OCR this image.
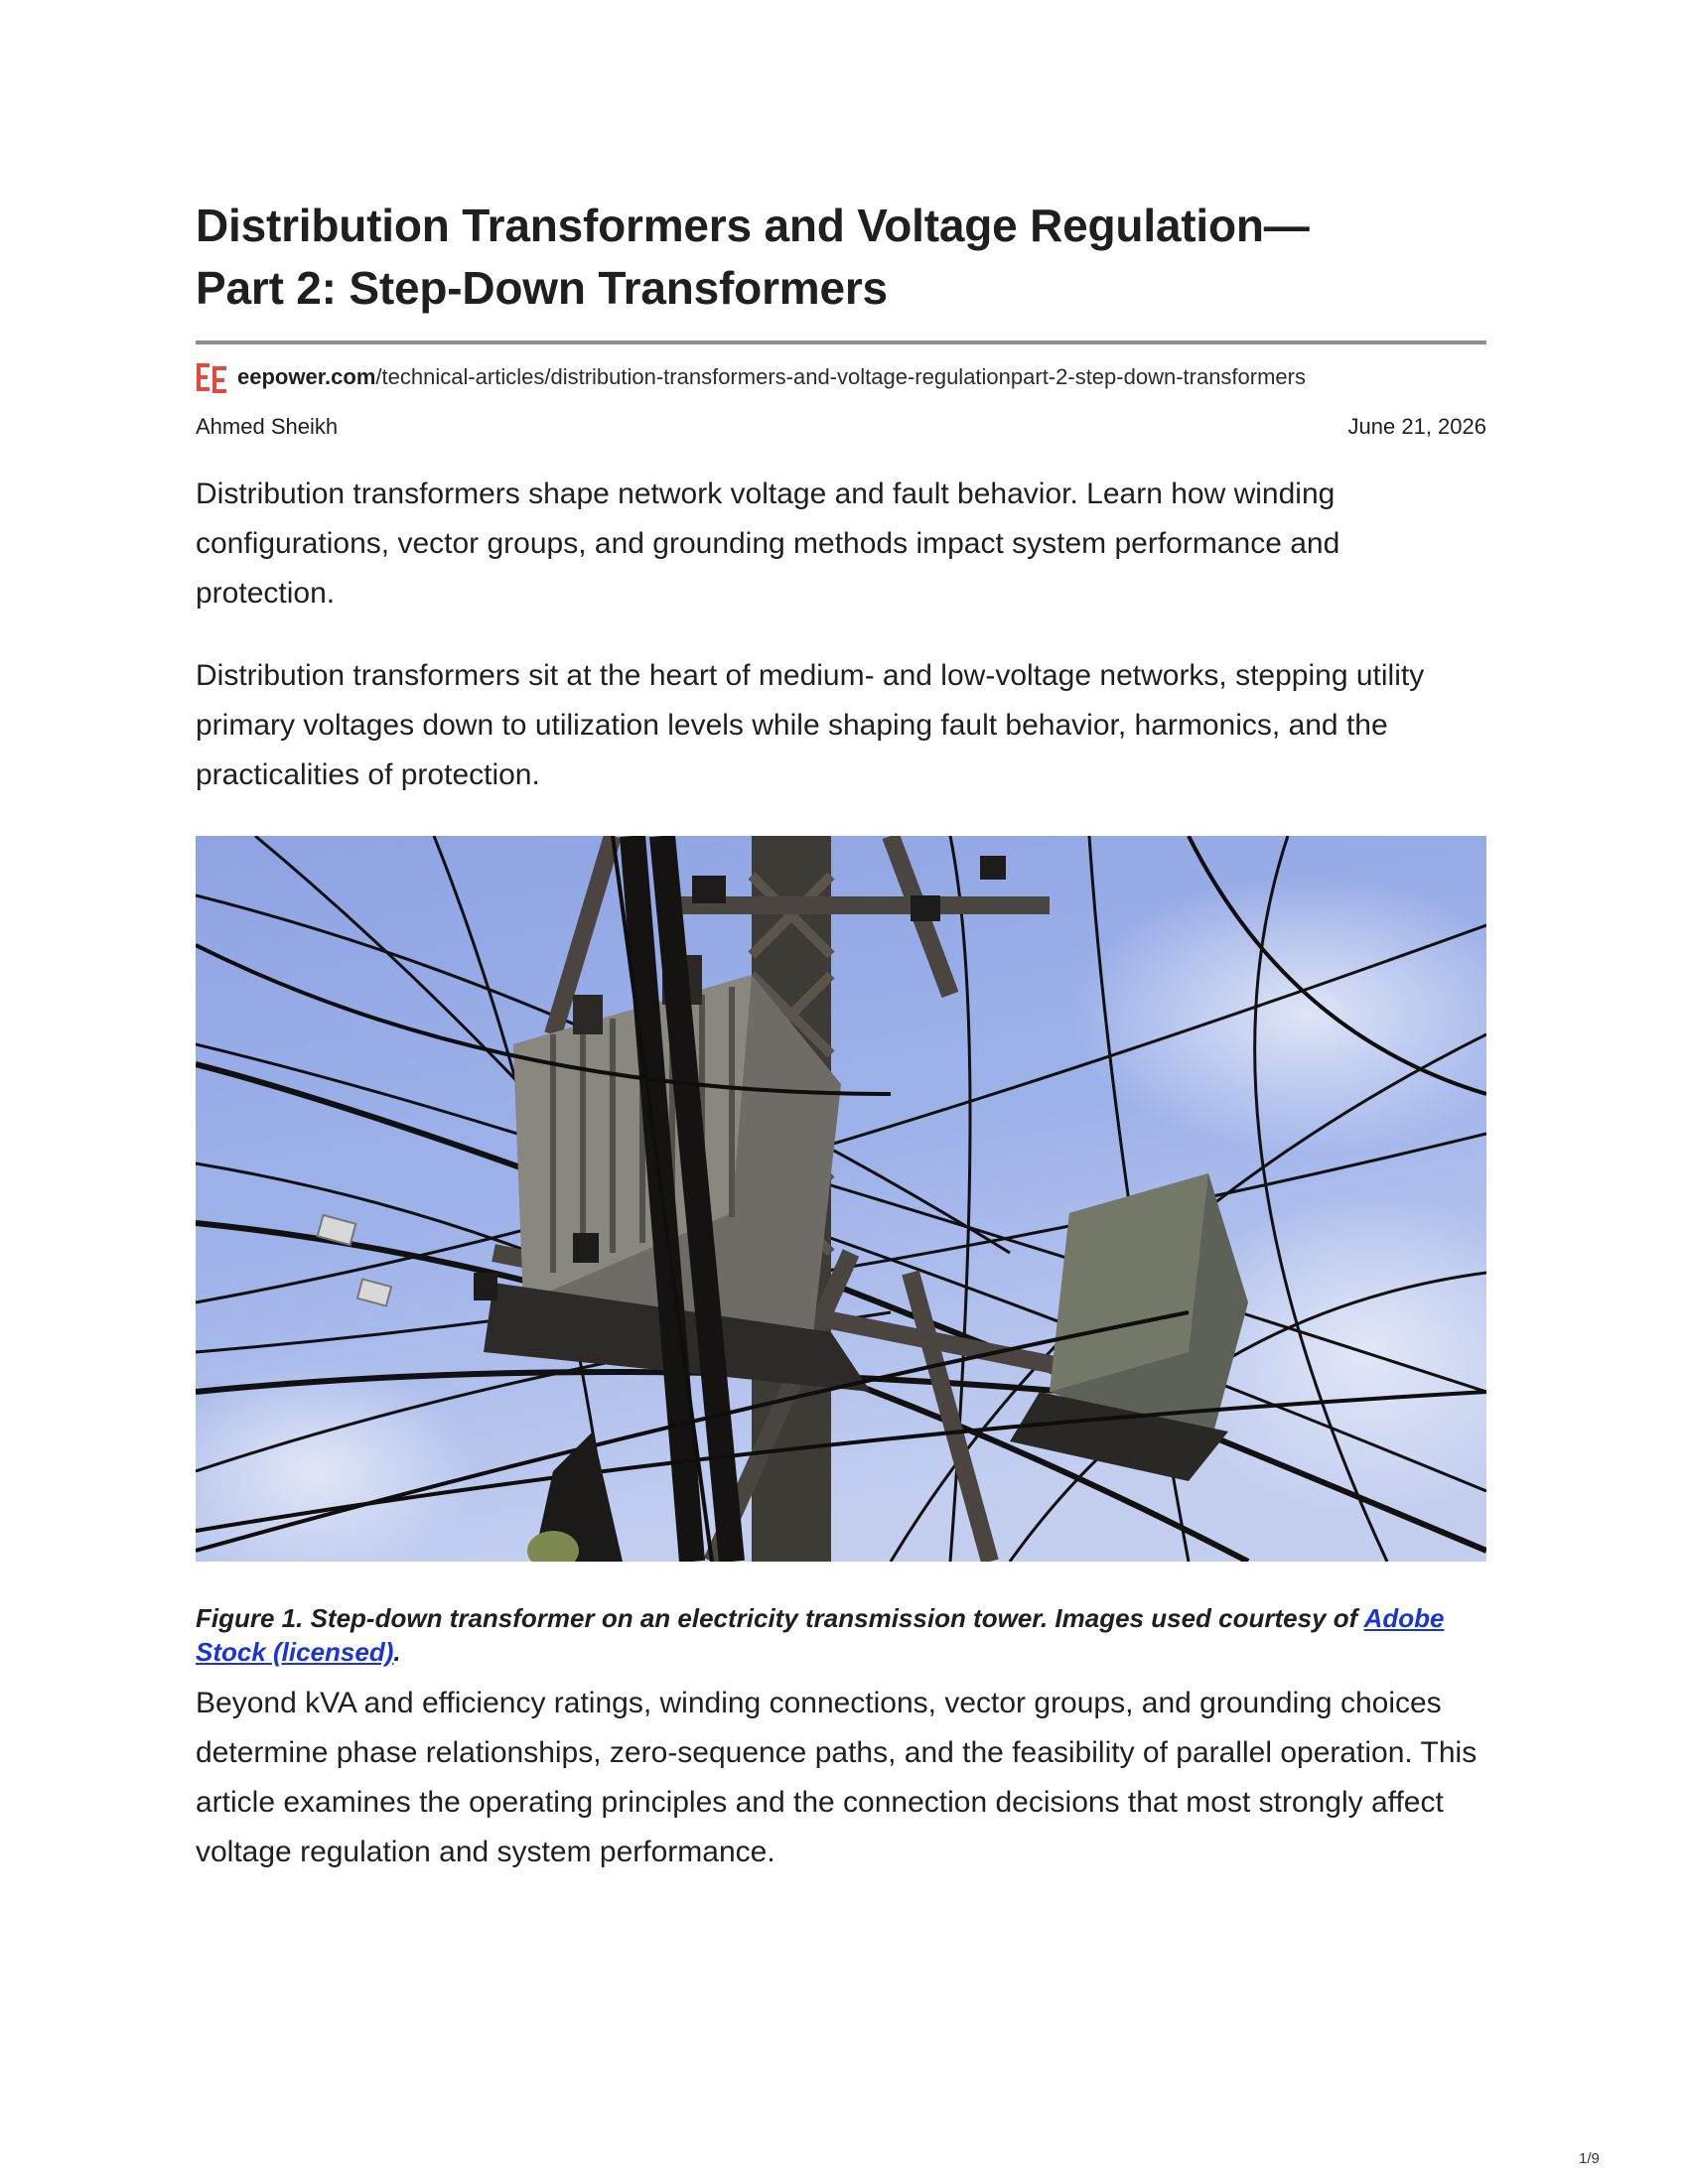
Distribution Transformers and Voltage Regulation—
Part 2: Step-Down Transformers
eepower.com /technical-articles/distribution-transformers-and-voltage-regulationpart-2-step-down-transformers
Ahmed Sheikh	June 21, 2026

Distribution transformers shape network voltage and fault behavior. Learn how winding configurations, vector groups, and grounding methods impact system performance and protection.

Distribution transformers sit at the heart of medium- and low-voltage networks, stepping utility primary voltages down to utilization levels while shaping fault behavior, harmonics, and the practicalities of protection.

Figure 1. Step-down transformer on an electricity transmission tower. Images used courtesy of Adobe Stock (licensed).

Beyond kVA and efficiency ratings, winding connections, vector groups, and grounding choices determine phase relationships, zero-sequence paths, and the feasibility of parallel operation. This article examines the operating principles and the connection decisions that most strongly affect voltage regulation and system performance.

1/9
